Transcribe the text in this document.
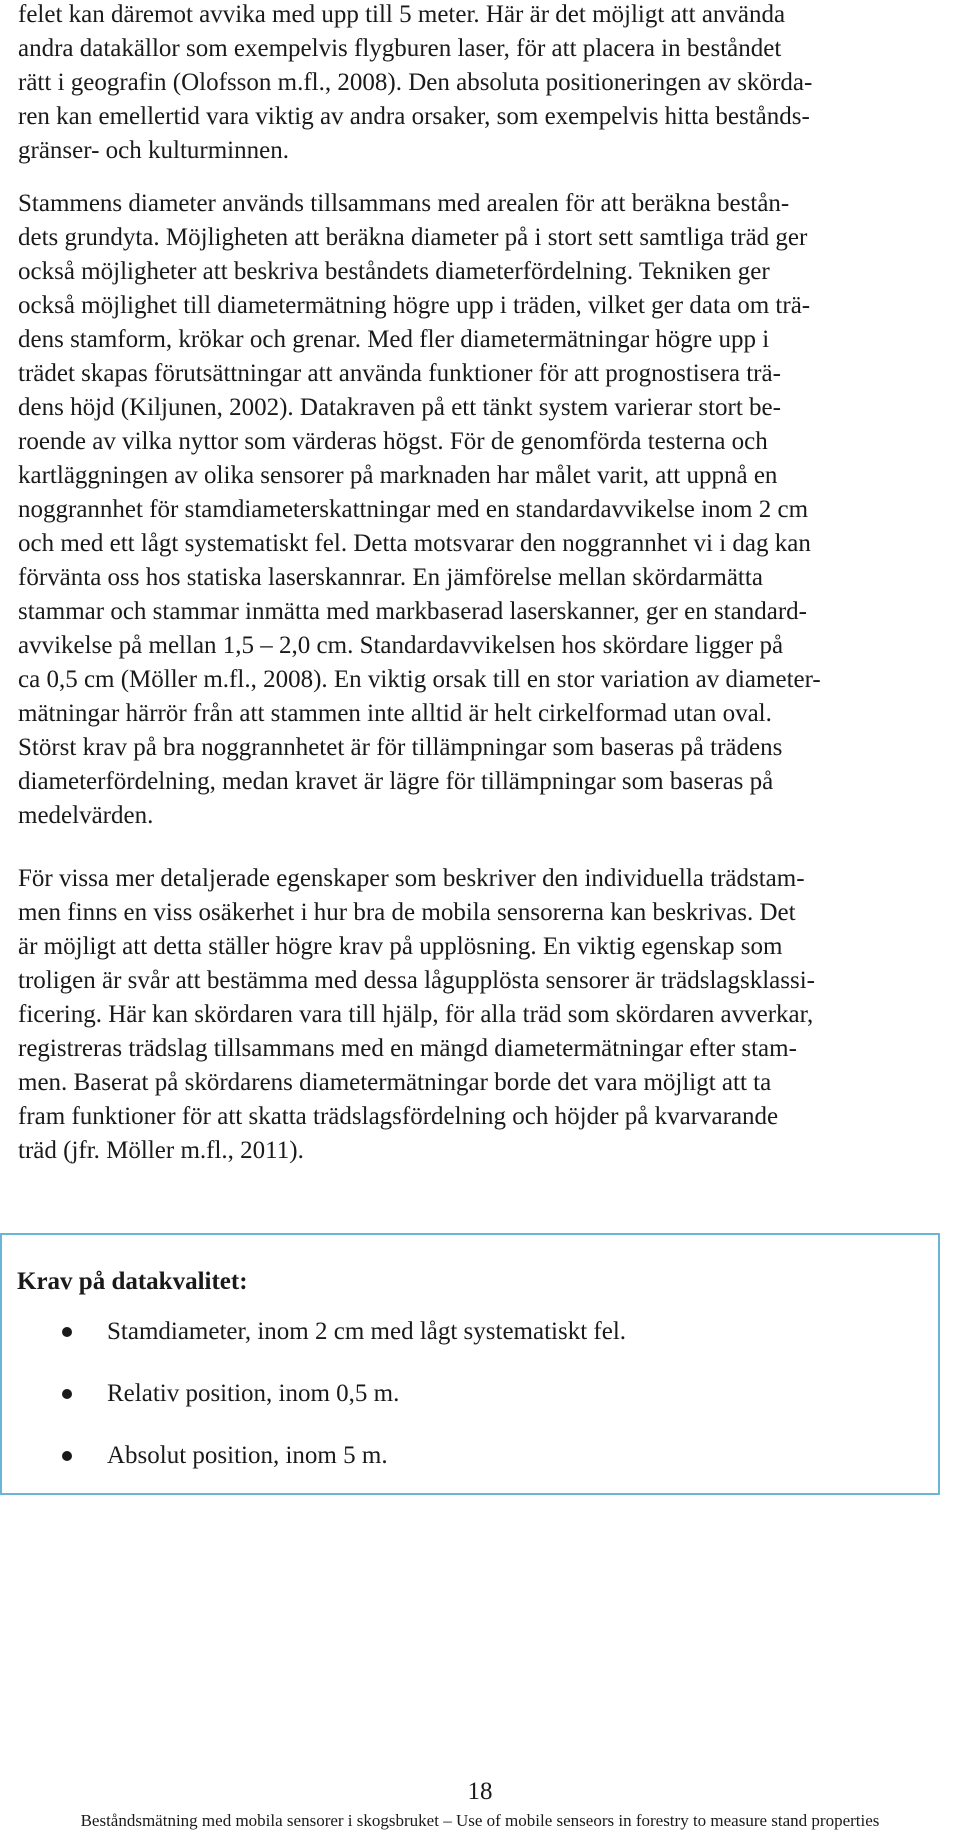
felet kan däremot avvika med upp till 5 meter. Här är det möjligt att använda
andra datakällor som exempelvis flygburen laser, för att placera in beståndet
rätt i geografin (Olofsson m.fl., 2008). Den absoluta positioneringen av skörda-
ren kan emellertid vara viktig av andra orsaker, som exempelvis hitta bestånds-
gränser- och kulturminnen.
Stammens diameter används tillsammans med arealen för att beräkna bestån-
dets grundyta. Möjligheten att beräkna diameter på i stort sett samtliga träd ger
också möjligheter att beskriva beståndets diameterfördelning. Tekniken ger
också möjlighet till diametermätning högre upp i träden, vilket ger data om trä-
dens stamform, krökar och grenar. Med fler diametermätningar högre upp i
trädet skapas förutsättningar att använda funktioner för att prognostisera trä-
dens höjd (Kiljunen, 2002). Datakraven på ett tänkt system varierar stort be-
roende av vilka nyttor som värderas högst. För de genomförda testerna och
kartläggningen av olika sensorer på marknaden har målet varit, att uppnå en
noggrannhet för stamdiameterskattningar med en standardavvikelse inom 2 cm
och med ett lågt systematiskt fel. Detta motsvarar den noggrannhet vi i dag kan
förvänta oss hos statiska laserskannrar. En jämförelse mellan skördarmätta
stammar och stammar inmätta med markbaserad laserskanner, ger en standard-
avvikelse på mellan 1,5 – 2,0 cm. Standardavvikelsen hos skördare ligger på
ca 0,5 cm (Möller m.fl., 2008). En viktig orsak till en stor variation av diameter-
mätningar härrör från att stammen inte alltid är helt cirkelformad utan oval.
Störst krav på bra noggrannhetet är för tillämpningar som baseras på trädens
diameterfördelning, medan kravet är lägre för tillämpningar som baseras på
medelvärden.
För vissa mer detaljerade egenskaper som beskriver den individuella trädstam-
men finns en viss osäkerhet i hur bra de mobila sensorerna kan beskrivas. Det
är möjligt att detta ställer högre krav på upplösning. En viktig egenskap som
troligen är svår att bestämma med dessa lågupplösta sensorer är trädslagsklassi-
ficering. Här kan skördaren vara till hjälp, för alla träd som skördaren avverkar,
registreras trädslag tillsammans med en mängd diametermätningar efter stam-
men. Baserat på skördarens diametermätningar borde det vara möjligt att ta
fram funktioner för att skatta trädslagsfördelning och höjder på kvarvarande
träd (jfr. Möller m.fl., 2011).

Krav på datakvalitet:

Stamdiameter, inom 2 cm med lågt systematiskt fel.
Relativ position, inom 0,5 m.
Absolut position, inom 5 m.
18
Beståndsmätning med mobila sensorer i skogsbruket – Use of mobile senseors in forestry to measure stand properties
